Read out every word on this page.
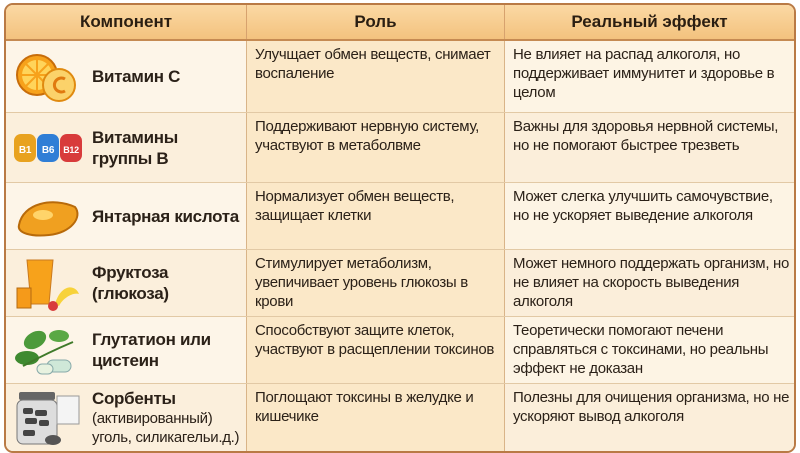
Компонент	Роль	Реальный эффект
Витамин С
Улучщает обмен веществ, снимает воспаление
Не влияет на распад алкоголя, но поддерживает иммунитет и здоровье в целом
B1 B6 B12
Витамины группы В
Поддерживают нервную систему, участвуют в метаболвме
Важны для здоровья нервной системы, но не помогают быстрее трезветь
Янтарная кислота
Нормализует обмен веществ, защищает клетки
Может слегка улучшить самочувствие, но не ускоряет выведение алкоголя
Фруктоза (глюкоза)
Стимулирует метаболизм, увепичивает уровень глюкозы в крови
Может немного поддержать организм, но не влияет на скорость выведения алкоголя
Глутатион или цистеин
Способствуют защите клеток, участвуют в расщеплении токсинов
Теоретически помогают печени справляться с токсинами, но реальны эффект не доказан
Сорбенты
(активированный) уголь, силикагельи.д.)
Поглощают токсины в желудке и кишечике
Полезны для очищения организма, но не ускоряют вывод алкоголя
